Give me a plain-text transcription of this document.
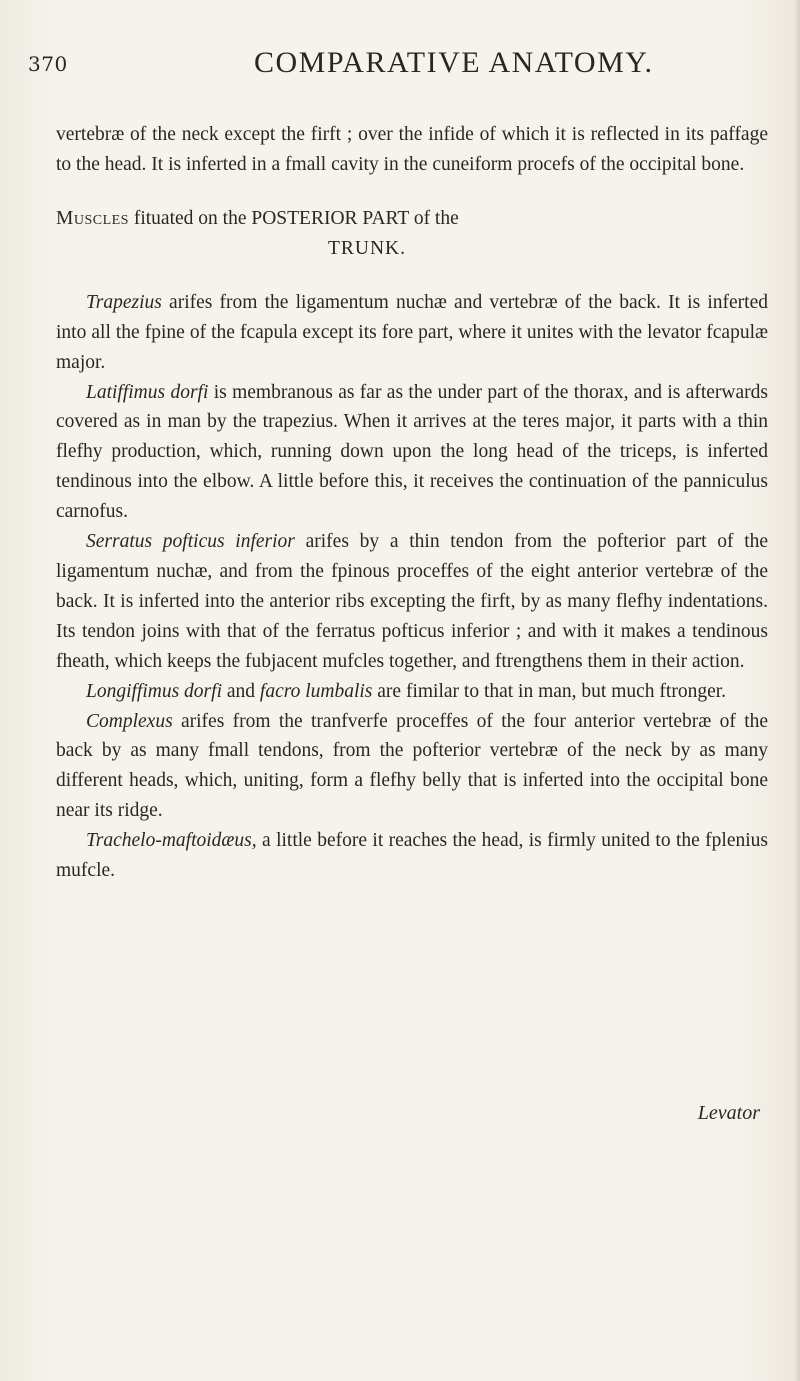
370	COMPARATIVE ANATOMY.

vertebræ of the neck except the firft ; over the infide of which it is reflected in its paffage to the head. It is inferted in a fmall cavity in the cuneiform procefs of the occipital bone.

Muscles fituated on the POSTERIOR PART of the
TRUNK.

Trapezius arifes from the ligamentum nuchæ and vertebræ of the back. It is inferted into all the fpine of the fcapula except its fore part, where it unites with the levator fcapulæ major.

Latiffimus dorfi is membranous as far as the under part of the thorax, and is afterwards covered as in man by the trapezius. When it arrives at the teres major, it parts with a thin flefhy production, which, running down upon the long head of the triceps, is inferted tendinous into the elbow. A little before this, it receives the continuation of the panniculus carnofus.

Serratus pofticus inferior arifes by a thin tendon from the pofterior part of the ligamentum nuchæ, and from the fpinous proceffes of the eight anterior vertebræ of the back. It is inferted into the anterior ribs excepting the firft, by as many flefhy indentations. Its tendon joins with that of the ferratus pofticus inferior ; and with it makes a tendinous fheath, which keeps the fubjacent mufcles together, and ftrengthens them in their action.

Longiffimus dorfi and facro lumbalis are fimilar to that in man, but much ftronger.

Complexus arifes from the tranfverfe proceffes of the four anterior vertebræ of the back by as many fmall tendons, from the pofterior vertebræ of the neck by as many different heads, which, uniting, form a flefhy belly that is inferted into the occipital bone near its ridge.

Trachelo-maftoidæus, a little before it reaches the head, is firmly united to the fplenius mufcle.

Levator
